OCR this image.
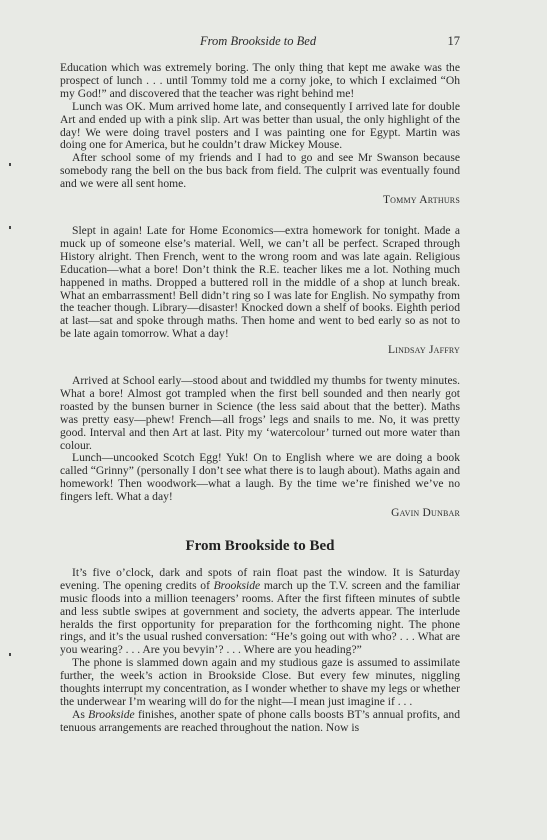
From Brookside to Bed	17

Education which was extremely boring. The only thing that kept me awake was the prospect of lunch . . . until Tommy told me a corny joke, to which I exclaimed “Oh my God!” and discovered that the teacher was right behind me!

Lunch was OK. Mum arrived home late, and consequently I arrived late for double Art and ended up with a pink slip. Art was better than usual, the only highlight of the day! We were doing travel posters and I was painting one for Egypt. Martin was doing one for America, but he couldn’t draw Mickey Mouse.

After school some of my friends and I had to go and see Mr Swanson because somebody rang the bell on the bus back from field. The culprit was eventually found and we were all sent home.

Tommy Arthurs

Slept in again! Late for Home Economics—extra homework for tonight. Made a muck up of someone else’s material. Well, we can’t all be perfect. Scraped through History alright. Then French, went to the wrong room and was late again. Religious Education—what a bore! Don’t think the R.E. teacher likes me a lot. Nothing much happened in maths. Dropped a buttered roll in the middle of a shop at lunch break. What an embarrassment! Bell didn’t ring so I was late for English. No sympathy from the teacher though. Library—disaster! Knocked down a shelf of books. Eighth period at last—sat and spoke through maths. Then home and went to bed early so as not to be late again tomorrow. What a day!

Lindsay Jaffry

Arrived at School early—stood about and twiddled my thumbs for twenty minutes. What a bore! Almost got trampled when the first bell sounded and then nearly got roasted by the bunsen burner in Science (the less said about that the better). Maths was pretty easy—phew! French—all frogs’ legs and snails to me. No, it was pretty good. Interval and then Art at last. Pity my ‘watercolour’ turned out more water than colour.

Lunch—uncooked Scotch Egg! Yuk! On to English where we are doing a book called “Grinny” (personally I don’t see what there is to laugh about). Maths again and homework! Then woodwork—what a laugh. By the time we’re finished we’ve no fingers left. What a day!

Gavin Dunbar
From Brookside to Bed

It’s five o’clock, dark and spots of rain float past the window. It is Saturday evening. The opening credits of Brookside march up the T.V. screen and the familiar music floods into a million teenagers’ rooms. After the first fifteen minutes of subtle and less subtle swipes at government and society, the adverts appear. The interlude heralds the first opportunity for preparation for the forthcoming night. The phone rings, and it’s the usual rushed conversation: “He’s going out with who? . . . What are you wearing? . . . Are you bevyin’? . . . Where are you heading?”

The phone is slammed down again and my studious gaze is assumed to assimilate further, the week’s action in Brookside Close. But every few minutes, niggling thoughts interrupt my concentration, as I wonder whether to shave my legs or whether the underwear I’m wearing will do for the night—I mean just imagine if . . .

As Brookside finishes, another spate of phone calls boosts BT’s annual profits, and tenuous arrangements are reached throughout the nation. Now is
